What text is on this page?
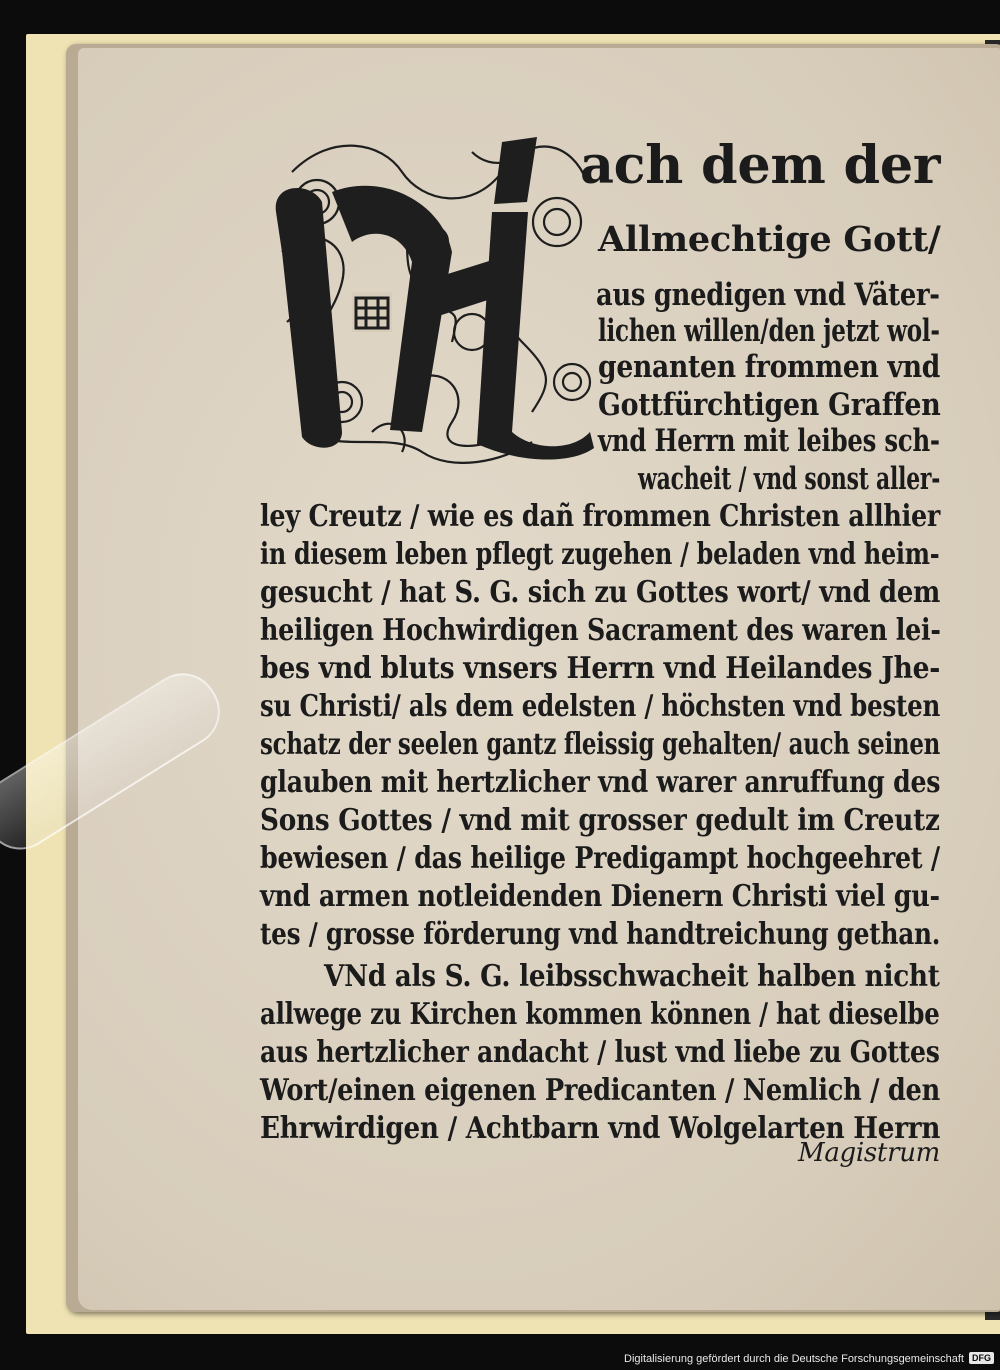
ach dem der
Allmechtige Gott/
aus gnedigen vnd Väter-
lichen willen/den jetzt wol-
genanten frommen vnd
Gottfürchtigen Graffen
vnd Herrn mit leibes sch-
wacheit / vnd sonst aller-
ley Creutz / wie es dañ frommen Christen allhier
in diesem leben pflegt zugehen / beladen vnd heim-
gesucht / hat S. G. sich zu Gottes wort/ vnd dem
heiligen Hochwirdigen Sacrament des waren lei-
bes vnd bluts vnsers Herrn vnd Heilandes Jhe-
su Christi/ als dem edelsten / höchsten vnd besten
schatz der seelen gantz fleissig gehalten/ auch seinen
glauben mit hertzlicher vnd warer anruffung des
Sons Gottes / vnd mit grosser gedult im Creutz
bewiesen / das heilige Predigampt hochgeehret /
vnd armen notleidenden Dienern Christi viel gu-
tes / grosse förderung vnd handtreichung gethan.
VNd als S. G. leibsschwacheit halben nicht
allwege zu Kirchen kommen können / hat dieselbe
aus hertzlicher andacht / lust vnd liebe zu Gottes
Wort/einen eigenen Predicanten / Nemlich / den
Ehrwirdigen / Achtbarn vnd Wolgelarten Herrn
Magistrum
Digitalisierung gefördert durch die Deutsche Forschungsgemeinschaft DFG
